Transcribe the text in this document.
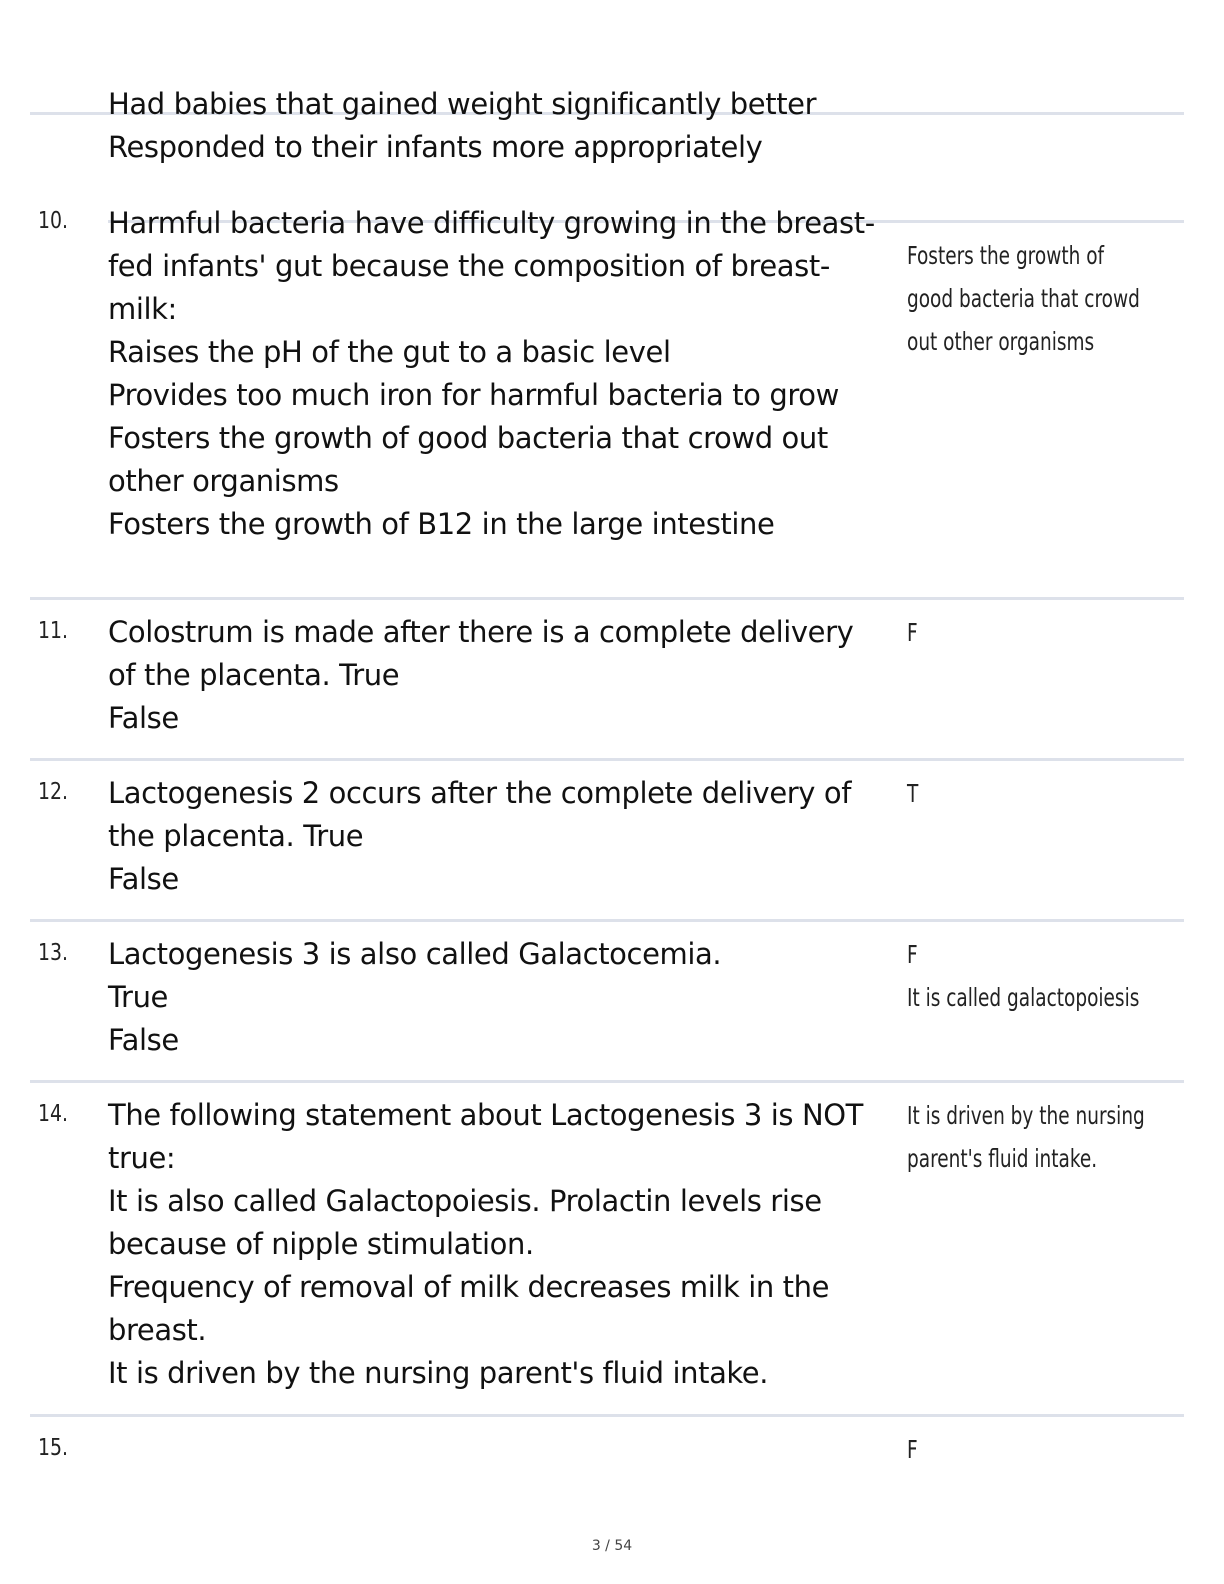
Had babies that gained weight significantly better
Responded to their infants more appropriately
10. Harmful bacteria have difficulty growing in the breast-
fed infants' gut because the composition of breast-
milk:
Raises the pH of the gut to a basic level
Provides too much iron for harmful bacteria to grow
Fosters the growth of good bacteria that crowd out
other organisms
Fosters the growth of B12 in the large intestine
Fosters the growth of
good bacteria that crowd
out other organisms
11. Colostrum is made after there is a complete delivery
of the placenta. True
False
F
12. Lactogenesis 2 occurs after the complete delivery of
the placenta. True
False
T
13. Lactogenesis 3 is also called Galactocemia.
True
False
F
It is called galactopoiesis
14. The following statement about Lactogenesis 3 is NOT
true:
It is also called Galactopoiesis. Prolactin levels rise
because of nipple stimulation.
Frequency of removal of milk decreases milk in the
breast.
It is driven by the nursing parent's fluid intake.
It is driven by the nursing
parent's fluid intake.
15.	F
3 / 54
